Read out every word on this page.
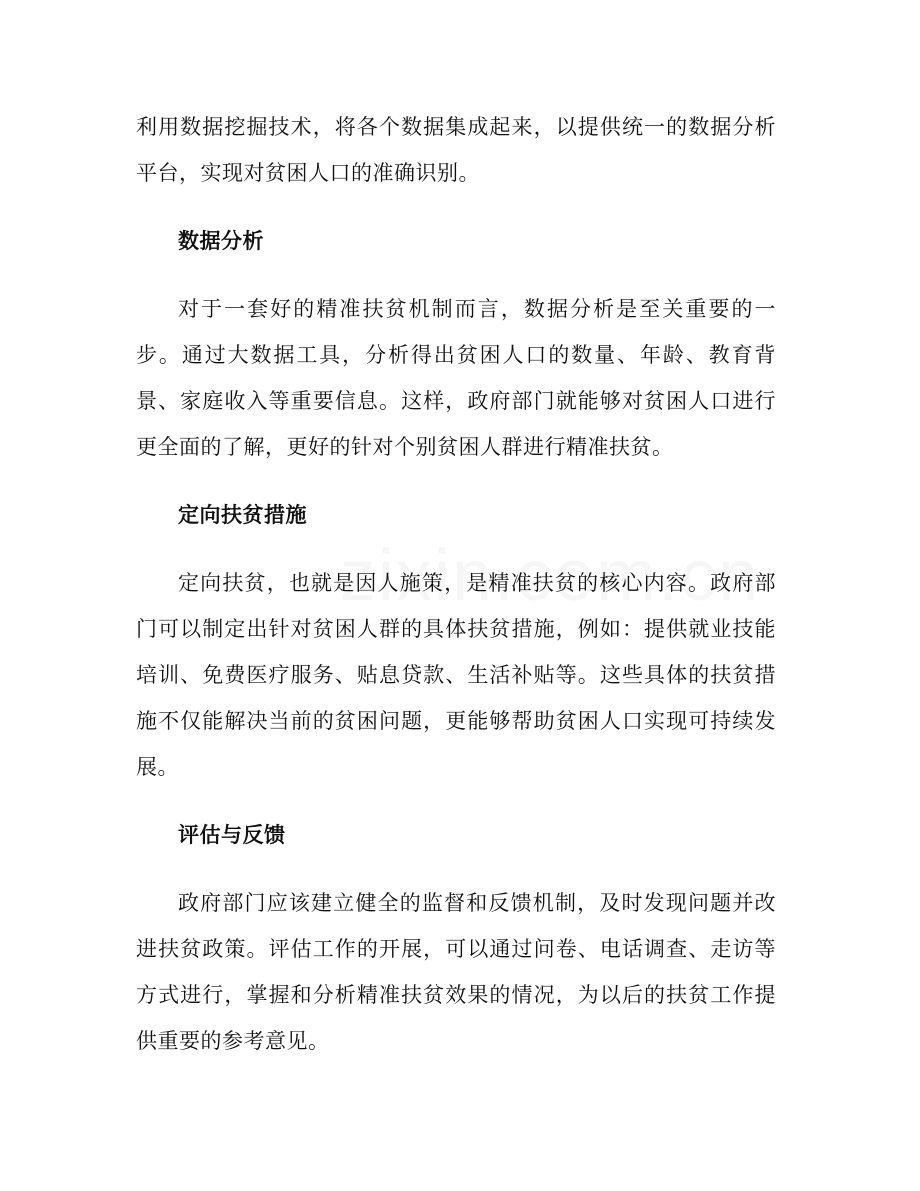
利用数据挖掘技术，将各个数据集成起来，以提供统一的数据分析平台，实现对贫困人口的准确识别。

数据分析

对于一套好的精准扶贫机制而言，数据分析是至关重要的一步。通过大数据工具，分析得出贫困人口的数量、年龄、教育背景、家庭收入等重要信息。这样，政府部门就能够对贫困人口进行更全面的了解，更好的针对个别贫困人群进行精准扶贫。

定向扶贫措施

定向扶贫，也就是因人施策，是精准扶贫的核心内容。政府部门可以制定出针对贫困人群的具体扶贫措施，例如：提供就业技能培训、免费医疗服务、贴息贷款、生活补贴等。这些具体的扶贫措施不仅能解决当前的贫困问题，更能够帮助贫困人口实现可持续发展。

评估与反馈

政府部门应该建立健全的监督和反馈机制，及时发现问题并改进扶贫政策。评估工作的开展，可以通过问卷、电话调查、走访等方式进行，掌握和分析精准扶贫效果的情况，为以后的扶贫工作提供重要的参考意见。
